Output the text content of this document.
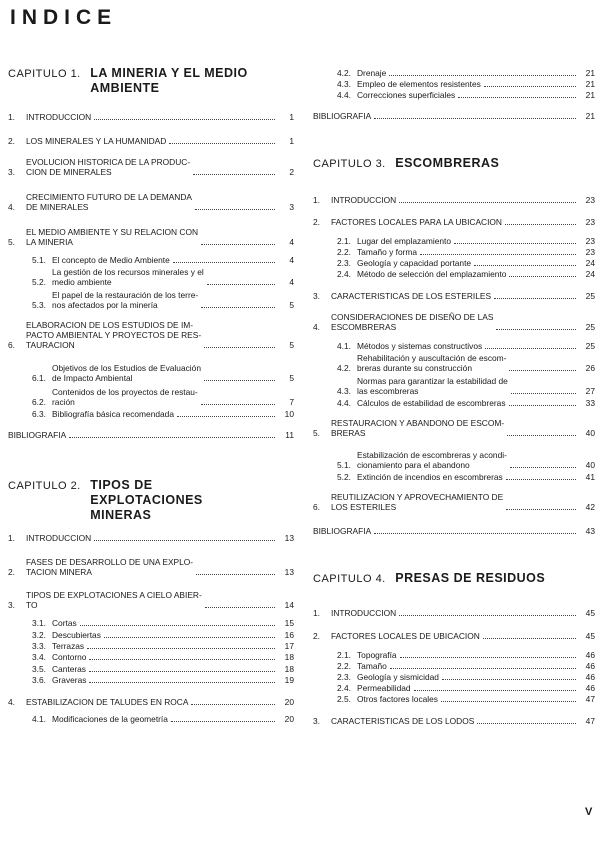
INDICE
CAPITULO 1. LA MINERIA Y EL MEDIO
AMBIENTE
1.	INTRODUCCION	1
2.	LOS MINERALES Y LA HUMANIDAD	1
3.
EVOLUCION HISTORICA DE LA PRODUC-
CION DE MINERALES	2
4.
CRECIMIENTO FUTURO DE LA DEMANDA
DE MINERALES	3
5.
EL MEDIO AMBIENTE Y SU RELACION CON
LA MINERIA	4
5.1. El concepto de Medio Ambiente	4
5.2.
La gestión de los recursos minerales y el
medio ambiente	4
5.3.
El papel de la restauración de los terre-
nos afectados por la minería	5
6.
ELABORACION DE LOS ESTUDIOS DE IM-
PACTO AMBIENTAL Y PROYECTOS DE RES-
TAURACION	5
6.1.
Objetivos de los Estudios de Evaluación
de Impacto Ambiental	5
6.2.
Contenidos de los proyectos de restau-
ración	7
6.3. Bibliografía básica recomendada	10
BIBLIOGRAFIA	11
CAPITULO 2. TIPOS DE
EXPLOTACIONES
MINERAS
1.	INTRODUCCION	13
2.
FASES DE DESARROLLO DE UNA EXPLO-
TACION MINERA	13
3.
TIPOS DE EXPLOTACIONES A CIELO ABIER-
TO	14
3.1. Cortas	15
3.2. Descubiertas	16
3.3. Terrazas	17
3.4. Contorno	18
3.5. Canteras	18
3.6. Graveras	19
4.	ESTABILIZACION DE TALUDES EN ROCA	20
4.1. Modificaciones de la geometría	20
4.2. Drenaje	21
4.3. Empleo de elementos resistentes	21
4.4. Correcciones superficiales	21
BIBLIOGRAFIA	21
CAPITULO 3. ESCOMBRERAS
1.	INTRODUCCION	23
2.	FACTORES LOCALES PARA LA UBICACION	23
2.1. Lugar del emplazamiento	23
2.2. Tamaño y forma	23
2.3. Geología y capacidad portante	24
2.4. Método de selección del emplazamiento	24
3.	CARACTERISTICAS DE LOS ESTERILES	25
4.
CONSIDERACIONES DE DISEÑO DE LAS
ESCOMBRERAS	25
4.1. Métodos y sistemas constructivos	25
4.2.
Rehabilitación y auscultación de escom-
breras durante su construcción	26
4.3.
Normas para garantizar la estabilidad de
las escombreras	27
4.4. Cálculos de estabilidad de escombreras	33
5.
RESTAURACION Y ABANDONO DE ESCOM-
BRERAS	40
5.1.
Estabilización de escombreras y acondi-
cionamiento para el abandono	40
5.2. Extinción de incendios en escombreras	41
6.
REUTILIZACION Y APROVECHAMIENTO DE
LOS ESTERILES	42
BIBLIOGRAFIA	43
CAPITULO 4. PRESAS DE RESIDUOS
1.	INTRODUCCION	45
2.	FACTORES LOCALES DE UBICACION	45
2.1. Topografía	46
2.2. Tamaño	46
2.3. Geología y sismicidad	46
2.4. Permeabilidad	46
2.5. Otros factores locales	47
3.	CARACTERISTICAS DE LOS LODOS	47
V
